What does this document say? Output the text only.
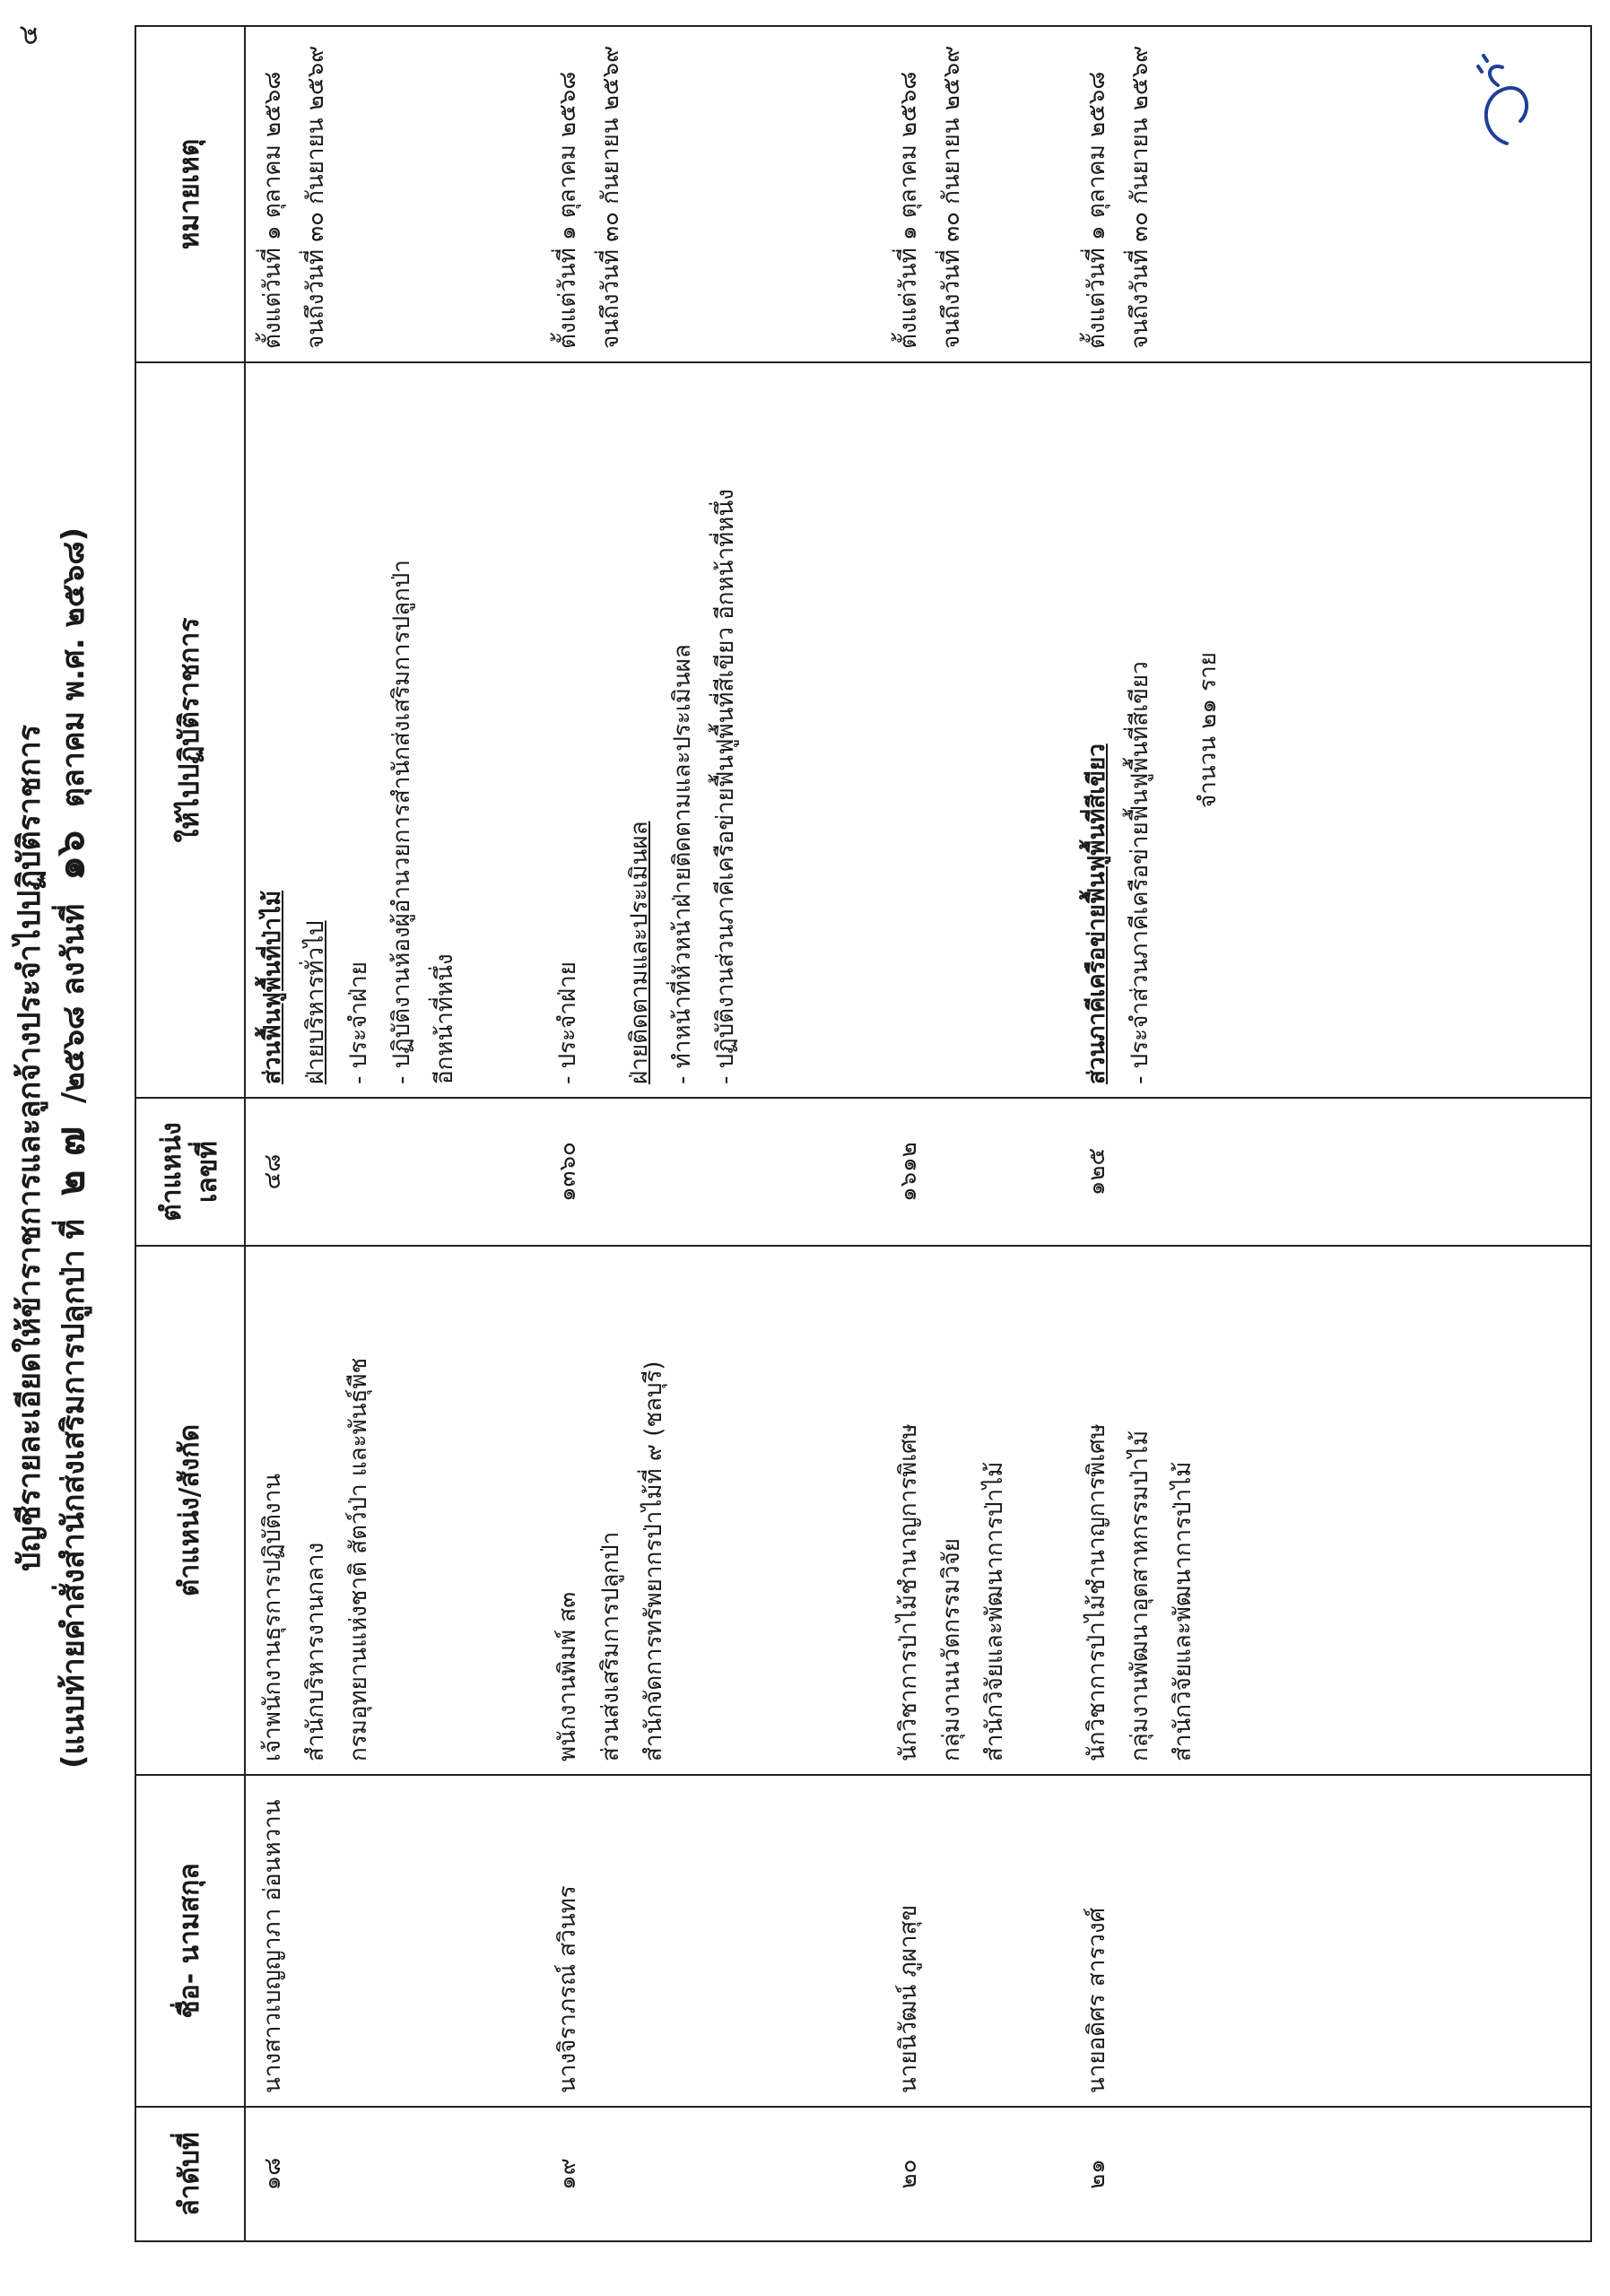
๔
บัญชีรายละเอียดให้ข้าราชการและลูกจ้างประจำไปปฏิบัติราชการ (แนบท้ายคำสั่งสำนักส่งเสริมการปลูกป่า ที่ ๒ ๗ /๒๕๖๘ ลงวันที่ ๑๖ ตุลาคม พ.ศ. ๒๕๖๘)
ลำดับที่	ชื่อ- นามสกุล	ตำแหน่ง/สังกัด	ตำแหน่งเลขที่	ให้ไปปฏิบัติราชการ	หมายเหตุ
๑๘	นางสาวเบญญาภา อ่อนหวาน	เจ้าพนักงานธุรการปฏิบัติงาน สำนักบริหารงานกลาง กรมอุทยานแห่งชาติ สัตว์ป่า และพันธุ์พืช	๔๘	ส่วนฟื้นฟูพื้นที่ป่าไม้ ฝ่ายบริหารทั่วไป - ประจำฝ่าย - ปฏิบัติงานห้องผู้อำนวยการสำนักส่งเสริมการปลูกป่า อีกหน้าที่หนึ่ง	ตั้งแต่วันที่ ๑ ตุลาคม ๒๕๖๘ จนถึงวันที่ ๓๐ กันยายน ๒๕๖๙

๑๙	นางจิราภรณ์ สวินทร	พนักงานพิมพ์ ส๓ ส่วนส่งเสริมการปลูกป่า สำนักจัดการทรัพยากรป่าไม้ที่ ๙ (ชลบุรี)	๑๓๖๐	- ประจำฝ่าย ฝ่ายติดตามและประเมินผล - ทำหน้าที่หัวหน้าฝ่ายติดตามและประเมินผล - ปฏิบัติงานส่วนภาคีเครือข่ายฟื้นฟูพื้นที่สีเขียว อีกหน้าที่หนึ่ง	ตั้งแต่วันที่ ๑ ตุลาคม ๒๕๖๘ จนถึงวันที่ ๓๐ กันยายน ๒๕๖๙

๒๐	นายนิวัฒน์ ภูผาสุข	นักวิชาการป่าไม้ชำนาญการพิเศษ กลุ่มงานนวัตกรรมวิจัย สำนักวิจัยและพัฒนาการป่าไม้	๑๖๑๒		ตั้งแต่วันที่ ๑ ตุลาคม ๒๕๖๘ จนถึงวันที่ ๓๐ กันยายน ๒๕๖๙

๒๑	นายอดิศร สารวงศ์	นักวิชาการป่าไม้ชำนาญการพิเศษ กลุ่มงานพัฒนาอุตสาหกรรมป่าไม้ สำนักวิจัยและพัฒนาการป่าไม้	๑๒๕	ส่วนภาคีเครือข่ายฟื้นฟูพื้นที่สีเขียว - ประจำส่วนภาคีเครือข่ายฟื้นฟูพื้นที่สีเขียว จำนวน ๒๑ ราย	ตั้งแต่วันที่ ๑ ตุลาคม ๒๕๖๘ จนถึงวันที่ ๓๐ กันยายน ๒๕๖๙
